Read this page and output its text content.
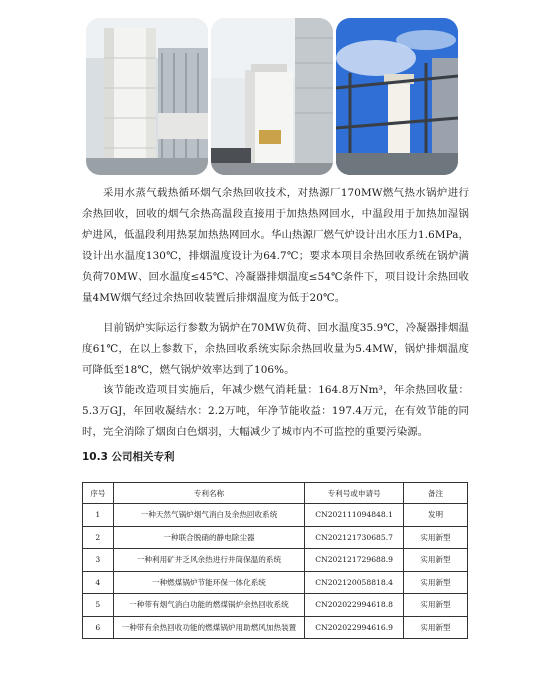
采用水蒸气载热循环烟气余热回收技术，对热源厂170MW燃气热水锅炉进行余热回收，回收的烟气余热高温段直接用于加热热网回水，中温段用于加热加湿锅炉进风，低温段利用热泵加热热网回水。华山热源厂燃气炉设计出水压力1.6MPa，设计出水温度130℃，排烟温度设计为64.7℃；要求本项目余热回收系统在锅炉满负荷70MW、回水温度≤45℃、冷凝器排烟温度≤54℃条件下，项目设计余热回收量4MW烟气经过余热回收装置后排烟温度为低于20℃。

目前锅炉实际运行参数为锅炉在70MW负荷、回水温度35.9℃，冷凝器排烟温度61℃，在以上参数下，余热回收系统实际余热回收量为5.4MW，锅炉排烟温度可降低至18℃，燃气锅炉效率达到了106%。

该节能改造项目实施后，年减少燃气消耗量：164.8万Nm³，年余热回收量：5.3万GJ，年回收凝结水：2.2万吨，年净节能收益：197.4万元，在有效节能的同时，完全消除了烟囱白色烟羽，大幅减少了城市内不可监控的重要污染源。

10.3 公司相关专利
序号	专利名称	专利号或申请号	备注
1	一种天然气锅炉烟气消白及余热回收系统	CN202111094848.1	发明
2	一种联合脱硝的静电除尘器	CN202121730685.7	实用新型
3	一种利用矿井乏风余热进行井筒保温的系统	CN202121729688.9	实用新型
4	一种燃煤锅炉节能环保一体化系统	CN202120058818.4	实用新型
5	一种带有烟气消白功能的燃煤锅炉余热回收系统	CN202022994618.8	实用新型
6	一种带有余热回收功能的燃煤锅炉用助燃风加热装置	CN202022994616.9	实用新型
